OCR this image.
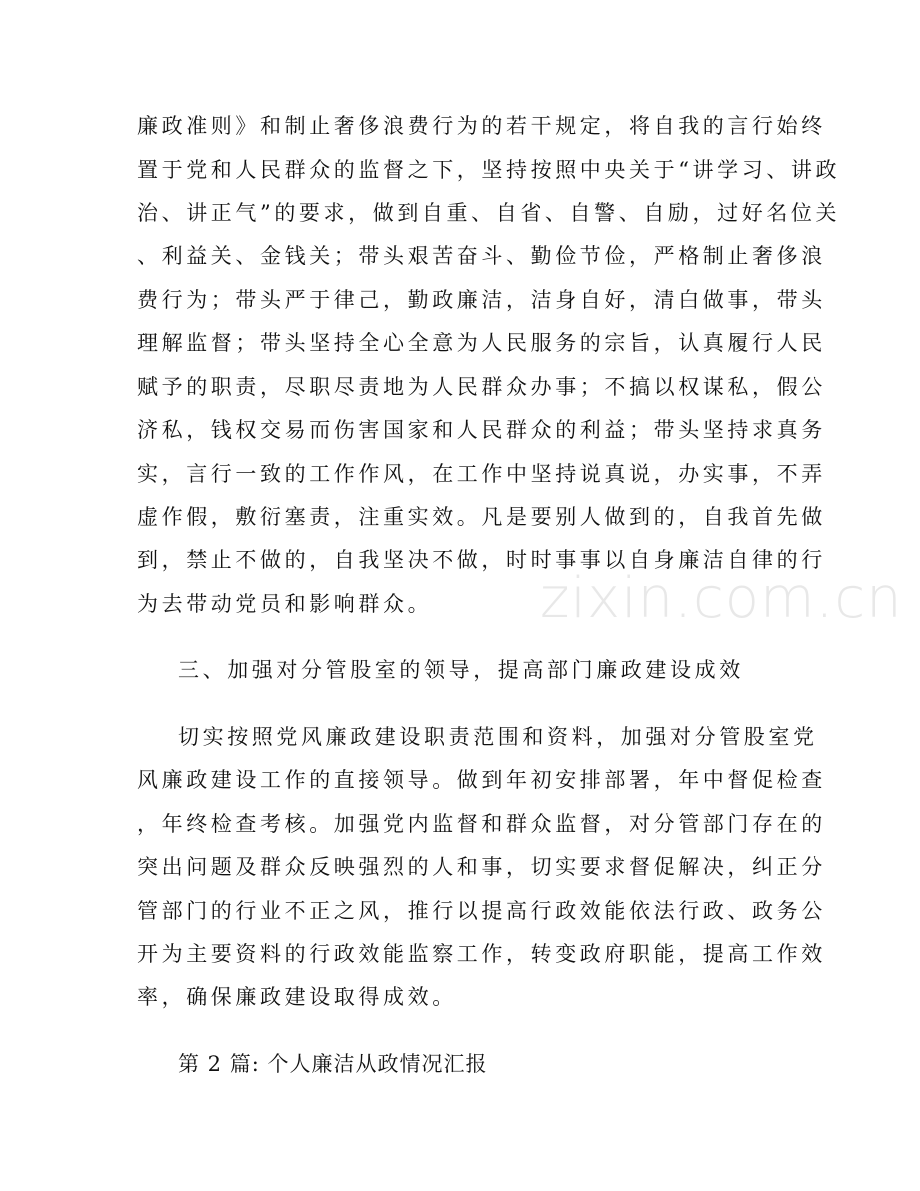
廉政准则》和制止奢侈浪费行为的若干规定，将自我的言行始终
置于党和人民群众的监督之下，坚持按照中央关于“讲学习、讲政
治、讲正气”的要求，做到自重、自省、自警、自励，过好名位关
、利益关、金钱关；带头艰苦奋斗、勤俭节俭，严格制止奢侈浪
费行为；带头严于律己，勤政廉洁，洁身自好，清白做事，带头
理解监督；带头坚持全心全意为人民服务的宗旨，认真履行人民
赋予的职责，尽职尽责地为人民群众办事；不搞以权谋私，假公
济私，钱权交易而伤害国家和人民群众的利益；带头坚持求真务
实，言行一致的工作作风，在工作中坚持说真说，办实事，不弄
虚作假，敷衍塞责，注重实效。凡是要别人做到的，自我首先做
到，禁止不做的，自我坚决不做，时时事事以自身廉洁自律的行
为去带动党员和影响群众。
三、加强对分管股室的领导，提高部门廉政建设成效
切实按照党风廉政建设职责范围和资料，加强对分管股室党
风廉政建设工作的直接领导。做到年初安排部署，年中督促检查
，年终检查考核。加强党内监督和群众监督，对分管部门存在的
突出问题及群众反映强烈的人和事，切实要求督促解决，纠正分
管部门的行业不正之风，推行以提高行政效能依法行政、政务公
开为主要资料的行政效能监察工作，转变政府职能，提高工作效
率，确保廉政建设取得成效。
第 2 篇: 个人廉洁从政情况汇报
zixin.com.cn
